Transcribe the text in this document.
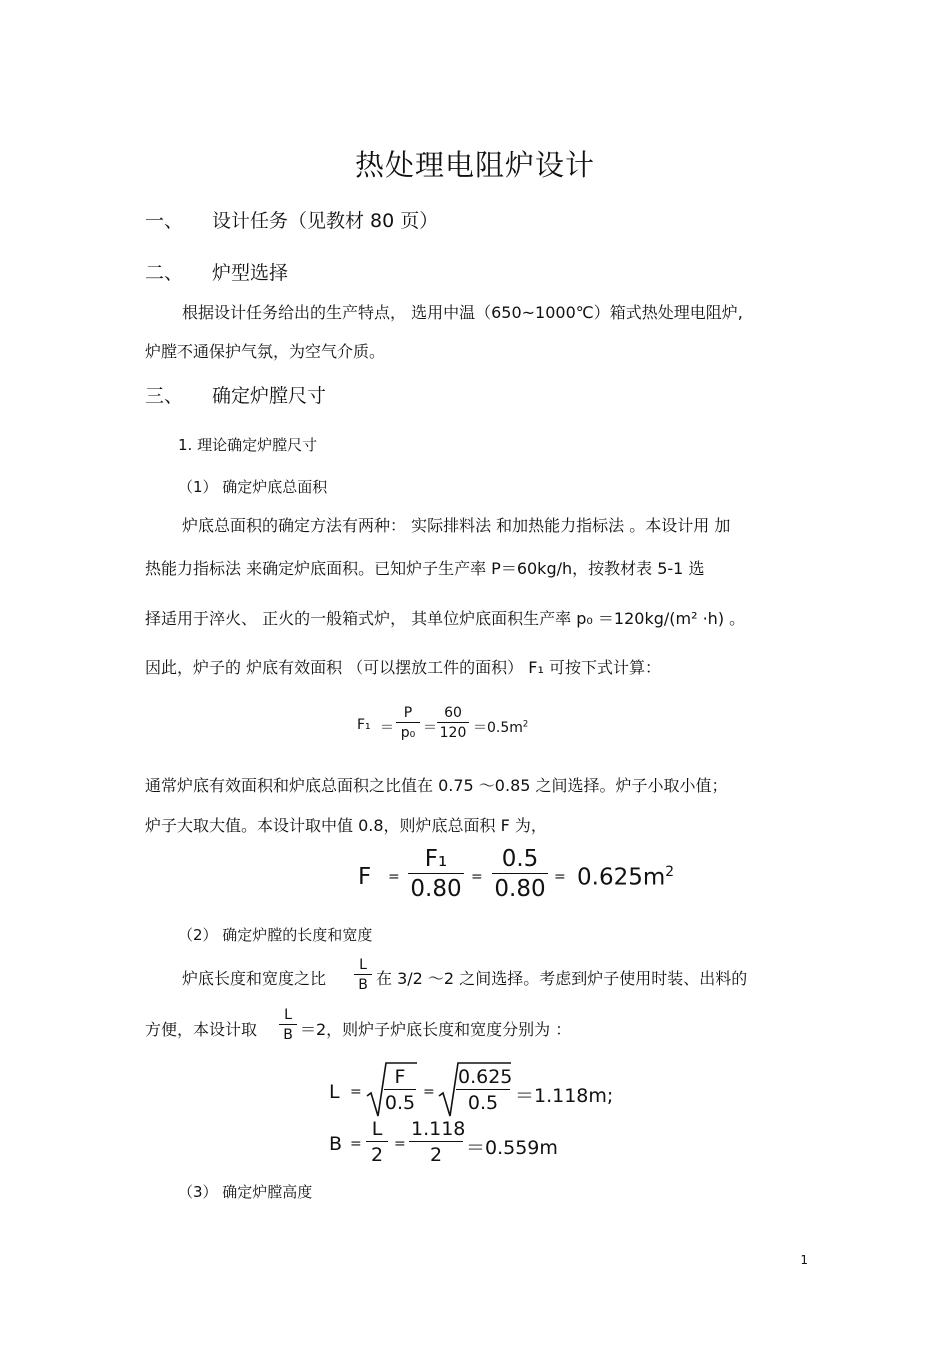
热处理电阻炉设计
一、 设计任务（见教材 80 页）
二、 炉型选择
根据设计任务给出的生产特点， 选用中温（650~1000℃）箱式热处理电阻炉,
炉膛不通保护气氛，为空气介质。
三、 确定炉膛尺寸
1. 理论确定炉膛尺寸
（1） 确定炉底总面积
炉底总面积的确定方法有两种： 实际排料法 和加热能力指标法 。本设计用 加
热能力指标法 来确定炉底面积。已知炉子生产率 P＝60kg/h，按教材表 5-1 选
择适用于淬火、 正火的一般箱式炉， 其单位炉底面积生产率 p₀ ＝120kg/(m² ·h) 。
因此，炉子的 炉底有效面积 （可以摆放工件的面积） F₁ 可按下式计算：
$F_1 = \frac{P}{\text{p₀}} = \frac{60}{120} =0.5m^2$
通常炉底有效面积和炉底总面积之比值在 0.75 ～0.85 之间选择。炉子小取小值；
炉子大取大值。本设计取中值 0.8，则炉底总面积 F 为，
$F = \frac{\text{F₁}}{0.80} = \frac{0.5}{0.80} = 0.625m^2$
（2） 确定炉膛的长度和宽度
炉底长度和宽度之比 $\frac{L}{B}$ 在 3/2 ～2 之间选择。考虑到炉子使用时装、出料的
方便，本设计取 $\frac{L}{B} =2$，则炉子炉底长度和宽度分别为 ：
$L = \frac{F}{0.5} = \frac{0.625}{0.5} =1.118m$;
$B = \frac{L}{2} = \frac{1.118}{2} =0.559m$
（3） 确定炉膛高度
1
